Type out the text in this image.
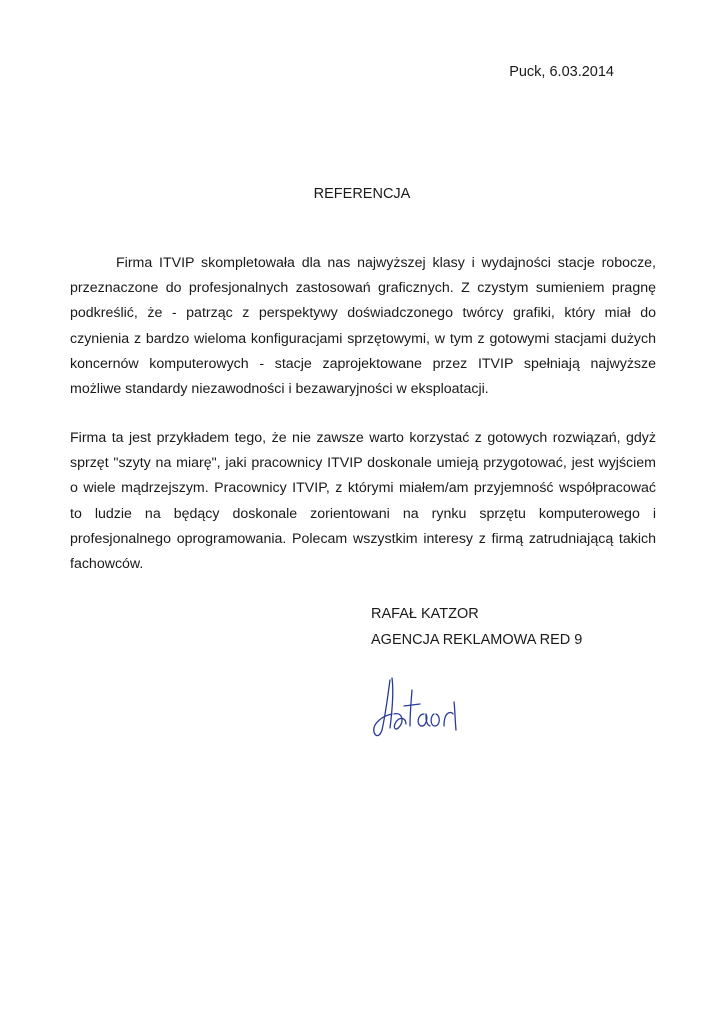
Puck, 6.03.2014
REFERENCJA

Firma ITVIP skompletowała dla nas najwyższej klasy i wydajności stacje robocze, przeznaczone do profesjonalnych zastosowań graficznych. Z czystym sumieniem pragnę podkreślić, że - patrząc z perspektywy doświadczonego twórcy grafiki, który miał do czynienia z bardzo wieloma konfiguracjami sprzętowymi, w tym z gotowymi stacjami dużych koncernów komputerowych - stacje zaprojektowane przez ITVIP spełniają najwyższe możliwe standardy niezawodności i bezawaryjności w eksploatacji.

Firma ta jest przykładem tego, że nie zawsze warto korzystać z gotowych rozwiązań, gdyż sprzęt "szyty na miarę", jaki pracownicy ITVIP doskonale umieją przygotować, jest wyjściem o wiele mądrzejszym. Pracownicy ITVIP, z którymi miałem/am przyjemność współpracować to ludzie na będący doskonale zorientowani na rynku sprzętu komputerowego i profesjonalnego oprogramowania. Polecam wszystkim interesy z firmą zatrudniającą takich fachowców.

RAFAŁ KATZOR
AGENCJA REKLAMOWA RED 9
